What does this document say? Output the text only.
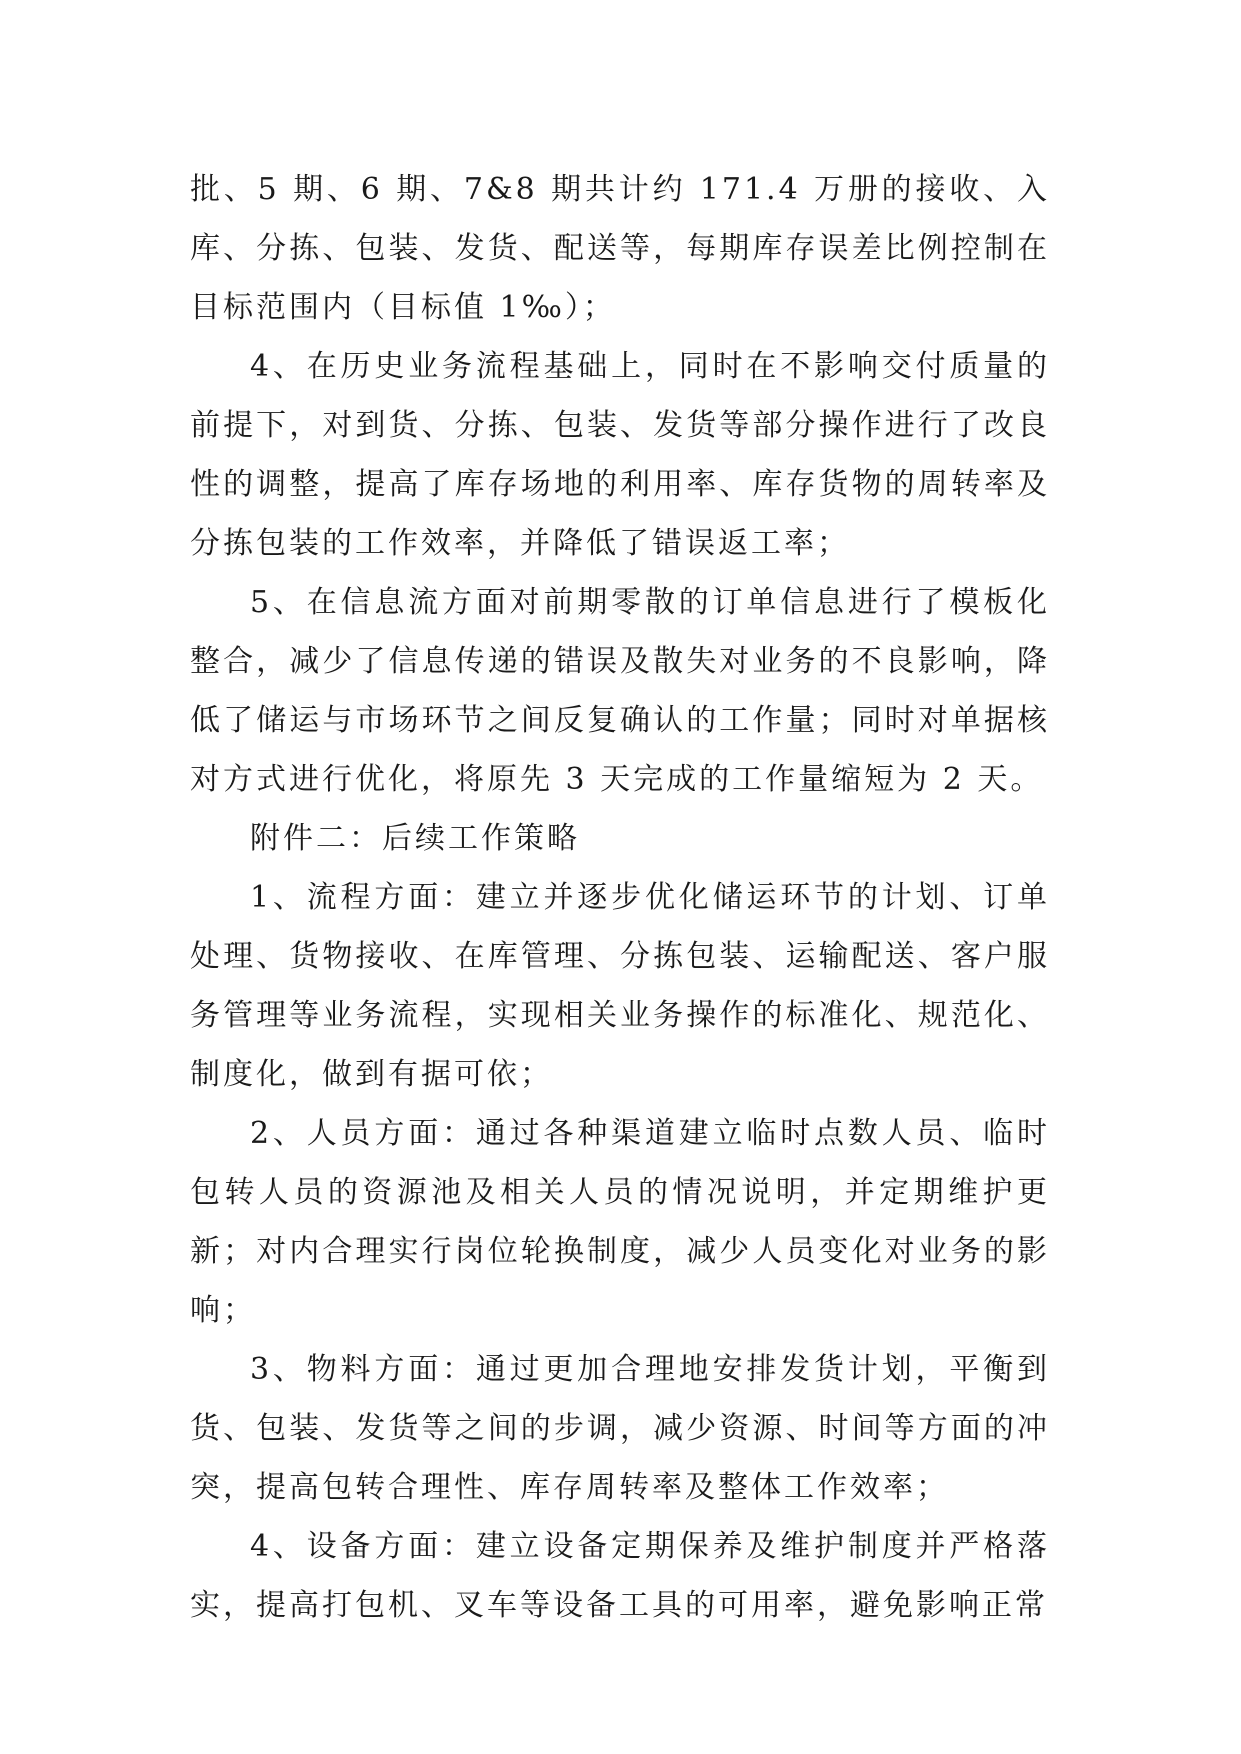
批、5 期、6 期、7&8 期共计约 171.4 万册的接收、入库、分拣、包装、发货、配送等，每期库存误差比例控制在目标范围内（目标值 1‰）；

4、在历史业务流程基础上，同时在不影响交付质量的前提下，对到货、分拣、包装、发货等部分操作进行了改良性的调整，提高了库存场地的利用率、库存货物的周转率及分拣包装的工作效率，并降低了错误返工率；

5、在信息流方面对前期零散的订单信息进行了模板化整合，减少了信息传递的错误及散失对业务的不良影响，降低了储运与市场环节之间反复确认的工作量；同时对单据核对方式进行优化，将原先 3 天完成的工作量缩短为 2 天。

附件二：后续工作策略

1、流程方面：建立并逐步优化储运环节的计划、订单处理、货物接收、在库管理、分拣包装、运输配送、客户服务管理等业务流程，实现相关业务操作的标准化、规范化、制度化，做到有据可依；

2、人员方面：通过各种渠道建立临时点数人员、临时包转人员的资源池及相关人员的情况说明，并定期维护更新；对内合理实行岗位轮换制度，减少人员变化对业务的影响；

3、物料方面：通过更加合理地安排发货计划，平衡到货、包装、发货等之间的步调，减少资源、时间等方面的冲突，提高包转合理性、库存周转率及整体工作效率；

4、设备方面：建立设备定期保养及维护制度并严格落实，提高打包机、叉车等设备工具的可用率，避免影响正常
